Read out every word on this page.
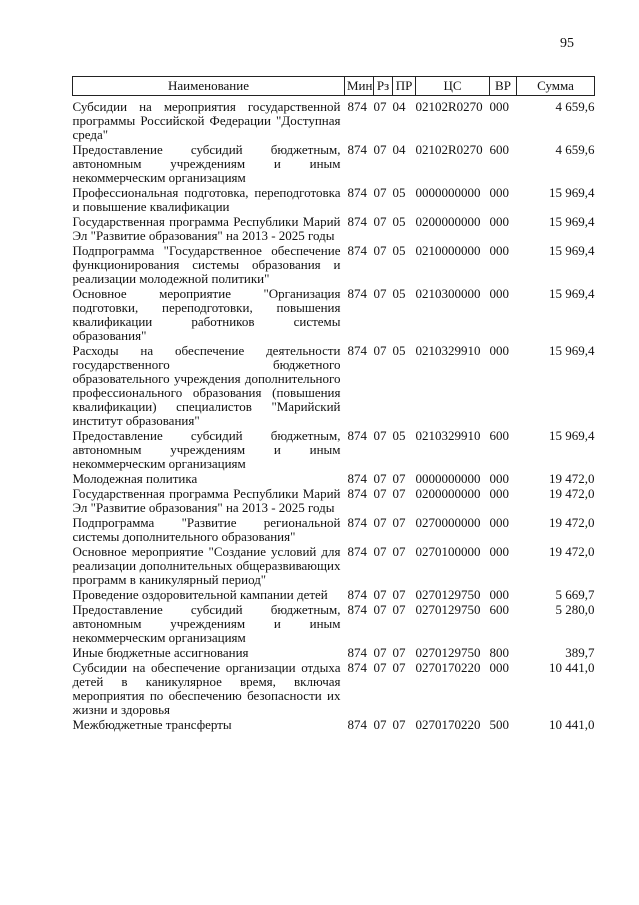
95
Наименование	Мин	Рз	ПР	ЦС	ВР	Сумма

Субсидии на мероприятия государственной программы Российской Федерации "Доступная среда"	874	07	04	02102R0270	000	4 659,6
Предоставление субсидий бюджетным, автономным учреждениям и иным некоммерческим организациям	874	07	04	02102R0270	600	4 659,6
Профессиональная подготовка, переподготовка и повышение квалификации	874	07	05	0000000000	000	15 969,4
Государственная программа Республики Марий Эл "Развитие образования" на 2013 - 2025 годы	874	07	05	0200000000	000	15 969,4
Подпрограмма "Государственное обеспечение функционирования системы образования и реализации молодежной политики"	874	07	05	0210000000	000	15 969,4
Основное мероприятие "Организация подготовки, переподготовки, повышения квалификации работников системы образования"	874	07	05	0210300000	000	15 969,4
Расходы на обеспечение деятельности государственного бюджетного образовательного учреждения дополнительного профессионального образования (повышения квалификации) специалистов "Марийский институт образования"	874	07	05	0210329910	000	15 969,4
Предоставление субсидий бюджетным, автономным учреждениям и иным некоммерческим организациям	874	07	05	0210329910	600	15 969,4
Молодежная политика	874	07	07	0000000000	000	19 472,0
Государственная программа Республики Марий Эл "Развитие образования" на 2013 - 2025 годы	874	07	07	0200000000	000	19 472,0
Подпрограмма "Развитие региональной системы дополнительного образования"	874	07	07	0270000000	000	19 472,0
Основное мероприятие "Создание условий для реализации дополнительных общеразвивающих программ в каникулярный период"	874	07	07	0270100000	000	19 472,0
Проведение оздоровительной кампании детей	874	07	07	0270129750	000	5 669,7
Предоставление субсидий бюджетным, автономным учреждениям и иным некоммерческим организациям	874	07	07	0270129750	600	5 280,0
Иные бюджетные ассигнования	874	07	07	0270129750	800	389,7
Субсидии на обеспечение организации отдыха детей в каникулярное время, включая мероприятия по обеспечению безопасности их жизни и здоровья	874	07	07	0270170220	000	10 441,0
Межбюджетные трансферты	874	07	07	0270170220	500	10 441,0
